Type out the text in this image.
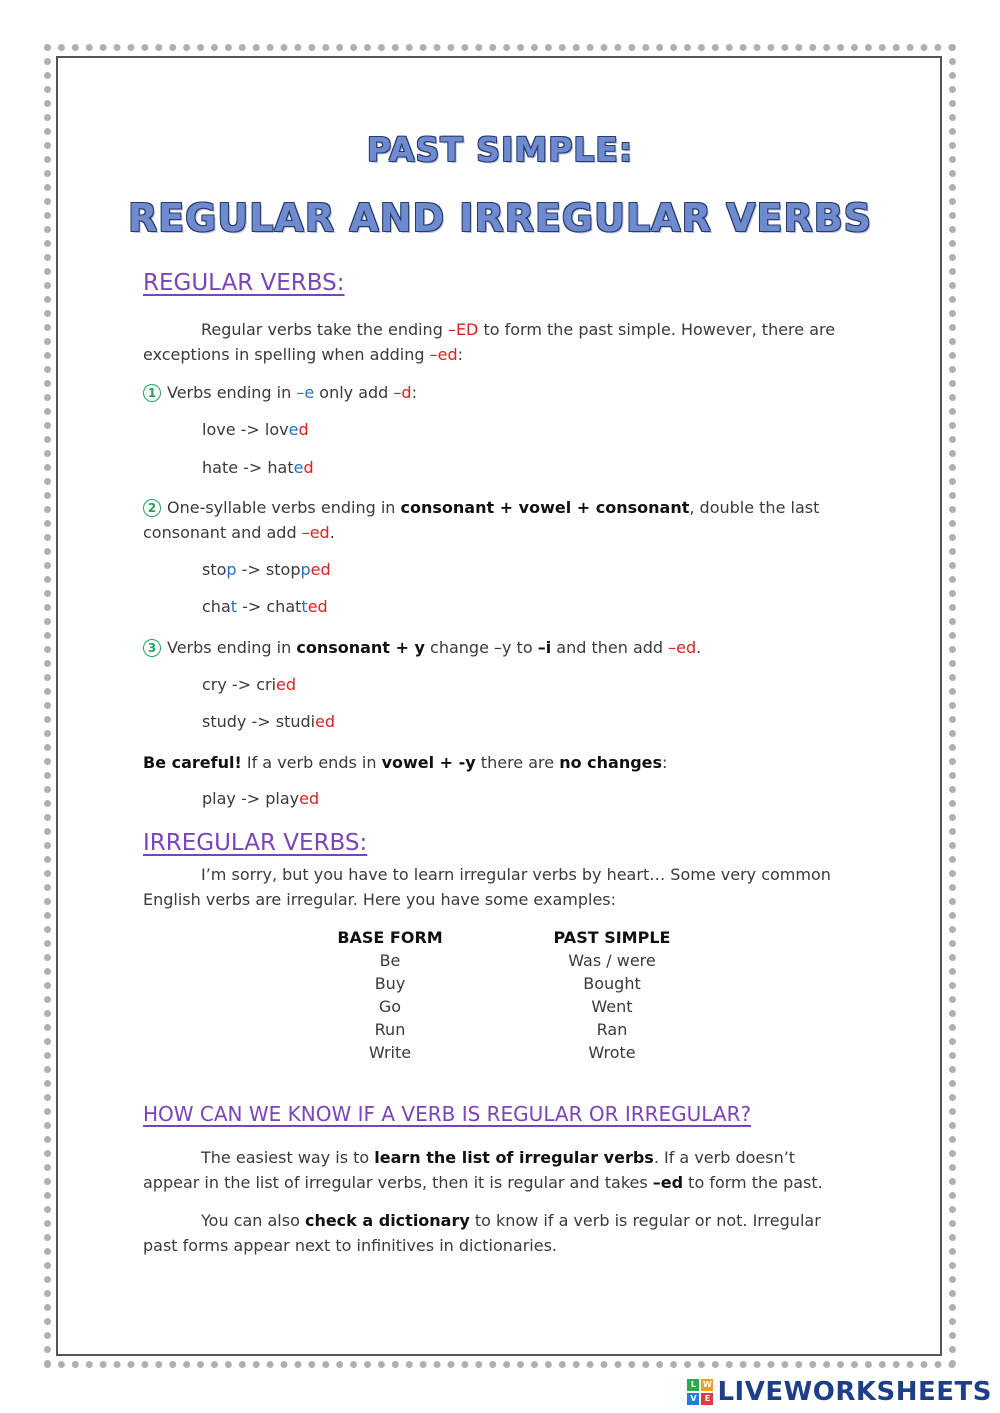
PAST SIMPLE:
REGULAR AND IRREGULAR VERBS
REGULAR VERBS:
Regular verbs take the ending –ED to form the past simple. However, there are exceptions in spelling when adding –ed:
1 Verbs ending in –e only add –d:
love -> loved
hate -> hated
2 One-syllable verbs ending in consonant + vowel + consonant, double the last consonant and add –ed.
stop -> stopped
chat -> chatted
3 Verbs ending in consonant + y change –y to –i and then add –ed.
cry -> cried
study -> studied
Be careful! If a verb ends in vowel + -y there are no changes:
play -> played
IRREGULAR VERBS:
I’m sorry, but you have to learn irregular verbs by heart… Some very common English verbs are irregular. Here you have some examples:
BASE FORM
Be
Buy
Go
Run
Write
PAST SIMPLE
Was / were
Bought
Went
Ran
Wrote
HOW CAN WE KNOW IF A VERB IS REGULAR OR IRREGULAR?
The easiest way is to learn the list of irregular verbs. If a verb doesn’t appear in the list of irregular verbs, then it is regular and takes –ed to form the past.
You can also check a dictionary to know if a verb is regular or not. Irregular past forms appear next to infinitives in dictionaries.
L W
V	E LIVEWORKSHEETS
